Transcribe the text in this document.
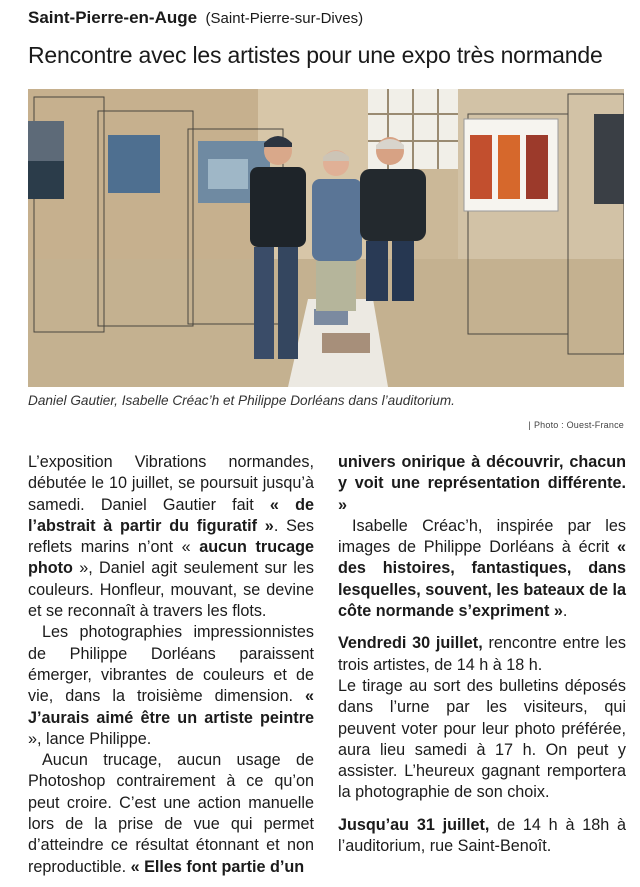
Saint-Pierre-en-Auge (Saint-Pierre-sur-Dives)
Rencontre avec les artistes pour une expo très normande
Daniel Gautier, Isabelle Créac’h et Philippe Dorléans dans l’auditorium.
| Photo : Ouest-France

L’exposition Vibrations normandes, débutée le 10 juillet, se poursuit jusqu’à samedi. Daniel Gautier fait « de l’abstrait à partir du figuratif ». Ses reflets marins n’ont « aucun trucage photo », Daniel agit seulement sur les couleurs. Honfleur, mouvant, se devine et se reconnaît à travers les flots.

Les photographies impressionnistes de Philippe Dorléans paraissent émerger, vibrantes de couleurs et de vie, dans la troisième dimension. « J’aurais aimé être un artiste peintre », lance Philippe.

Aucun trucage, aucun usage de Photoshop contrairement à ce qu’on peut croire. C’est une action manuelle lors de la prise de vue qui permet d’atteindre ce résultat étonnant et non reproductible. « Elles font partie d’un

univers onirique à découvrir, chacun y voit une représentation différente. »

Isabelle Créac’h, inspirée par les images de Philippe Dorléans à écrit « des histoires, fantastiques, dans lesquelles, souvent, les bateaux de la côte normande s’expriment ».

Vendredi 30 juillet, rencontre entre les trois artistes, de 14 h à 18 h.

Le tirage au sort des bulletins déposés dans l’urne par les visiteurs, qui peuvent voter pour leur photo préférée, aura lieu samedi à 17 h. On peut y assister. L’heureux gagnant remportera la photographie de son choix.

Jusqu’au 31 juillet, de 14 h à 18h à l’auditorium, rue Saint-Benoît.
